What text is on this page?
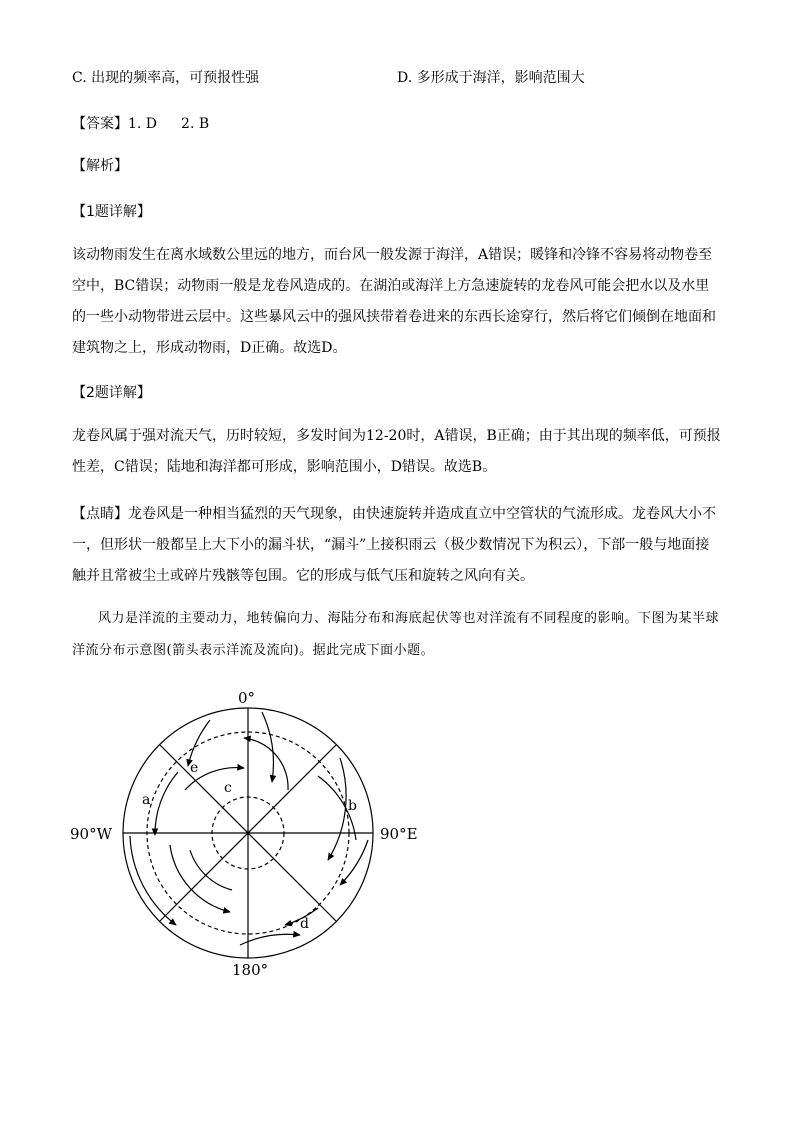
C. 出现的频率高，可预报性强	D. 多形成于海洋，影响范围大
【答案】1. D 2. B
【解析】
【1题详解】
该动物雨发生在离水域数公里远的地方，而台风一般发源于海洋，A错误；暖锋和冷锋不容易将动物卷至空中，BC错误；动物雨一般是龙卷风造成的。在湖泊或海洋上方急速旋转的龙卷风可能会把水以及水里的一些小动物带进云层中。这些暴风云中的强风挟带着卷进来的东西长途穿行，然后将它们倾倒在地面和建筑物之上，形成动物雨，D正确。故选D。
【2题详解】
龙卷风属于强对流天气，历时较短，多发时间为12-20时，A错误，B正确；由于其出现的频率低，可预报性差，C错误；陆地和海洋都可形成，影响范围小，D错误。故选B。
【点睛】龙卷风是一种相当猛烈的天气现象，由快速旋转并造成直立中空管状的气流形成。龙卷风大小不一，但形状一般都呈上大下小的漏斗状，“漏斗”上接积雨云（极少数情况下为积云），下部一般与地面接触并且常被尘土或碎片残骸等包围。它的形成与低气压和旋转之风向有关。
风力是洋流的主要动力，地转偏向力、海陆分布和海底起伏等也对洋流有不同程度的影响。下图为某半球洋流分布示意图(箭头表示洋流及流向)。据此完成下面小题。
0°
180°
90°W	90°E
a	b
c
d
e
